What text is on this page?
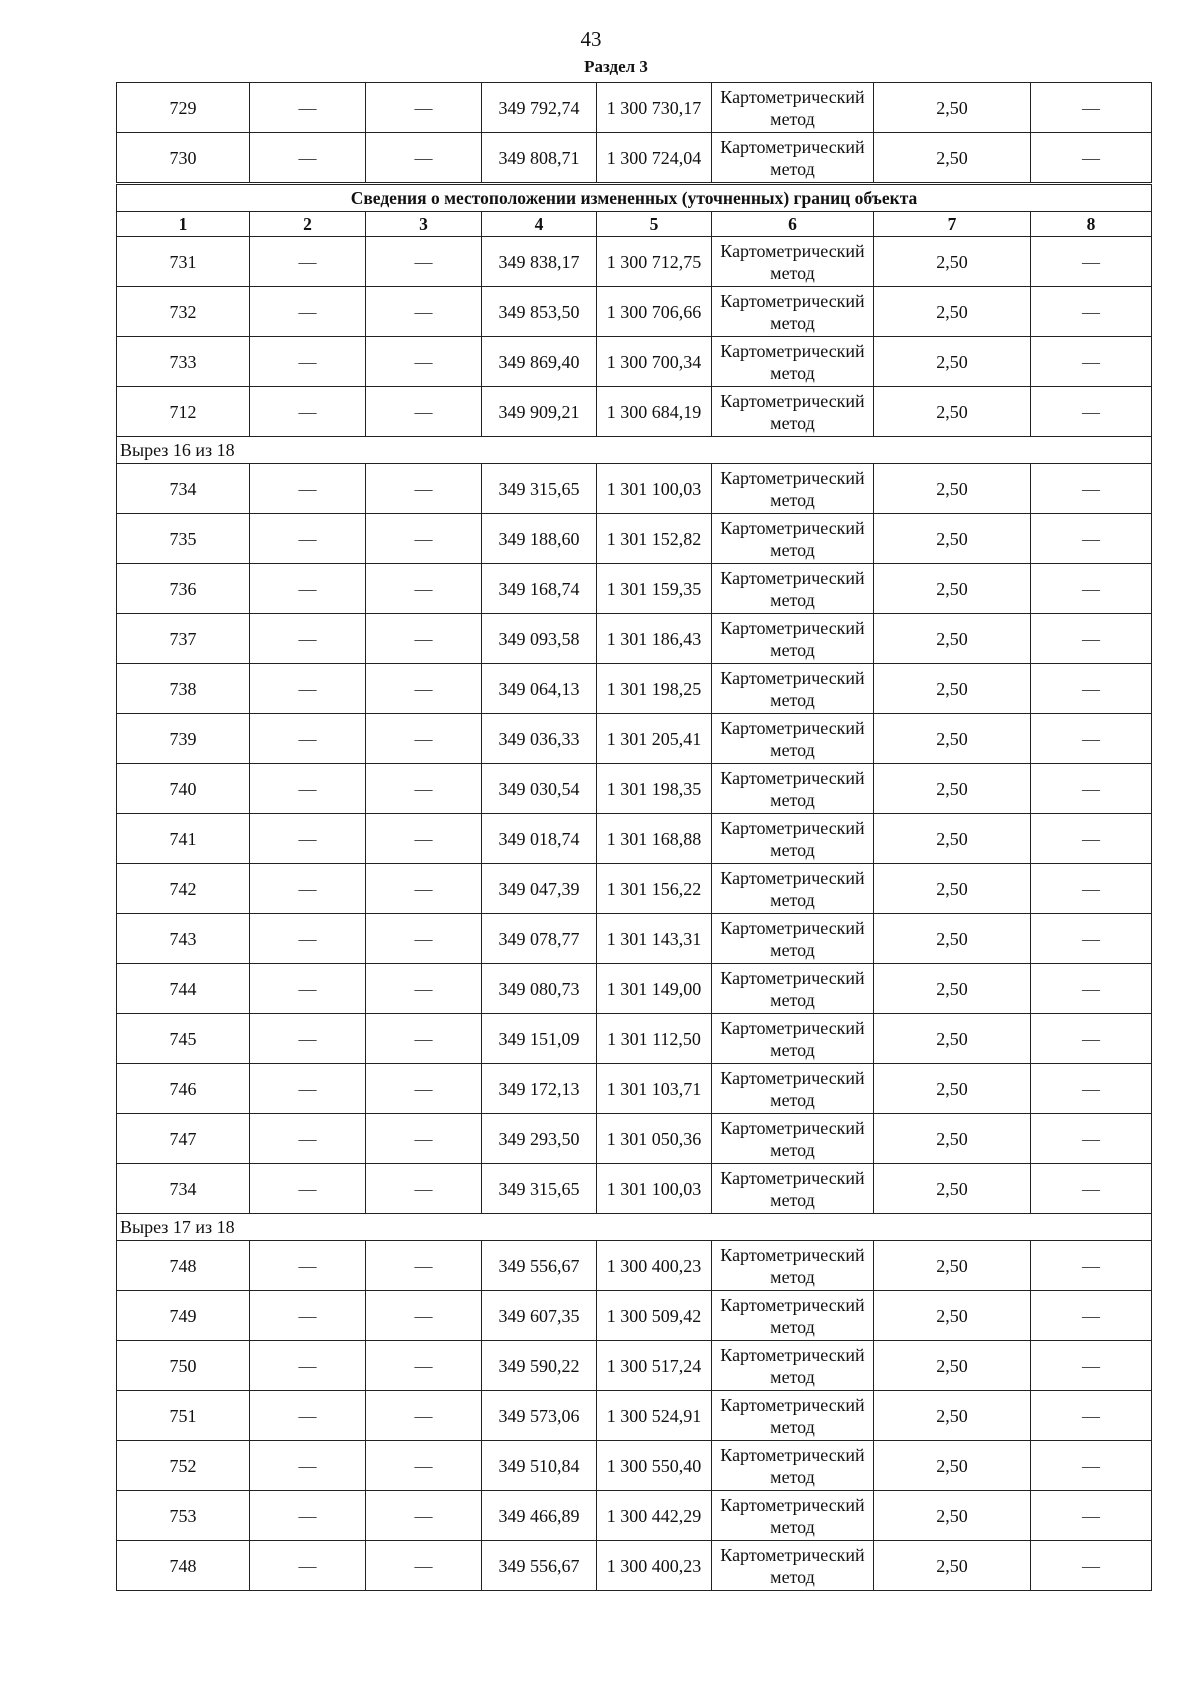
43
Раздел 3
729	—	—	349 792,74	1 300 730,17	Картометрический метод	2,50	—
730	—	—	349 808,71	1 300 724,04	Картометрический метод	2,50	—
Сведения о местоположении измененных (уточненных) границ объекта							
1	2	3	4	5	6	7	8
731	—	—	349 838,17	1 300 712,75	Картометрический метод	2,50	—
732	—	—	349 853,50	1 300 706,66	Картометрический метод	2,50	—
733	—	—	349 869,40	1 300 700,34	Картометрический метод	2,50	—
712	—	—	349 909,21	1 300 684,19	Картометрический метод	2,50	—
Вырез 16 из 18							
734	—	—	349 315,65	1 301 100,03	Картометрический метод	2,50	—
735	—	—	349 188,60	1 301 152,82	Картометрический метод	2,50	—
736	—	—	349 168,74	1 301 159,35	Картометрический метод	2,50	—
737	—	—	349 093,58	1 301 186,43	Картометрический метод	2,50	—
738	—	—	349 064,13	1 301 198,25	Картометрический метод	2,50	—
739	—	—	349 036,33	1 301 205,41	Картометрический метод	2,50	—
740	—	—	349 030,54	1 301 198,35	Картометрический метод	2,50	—
741	—	—	349 018,74	1 301 168,88	Картометрический метод	2,50	—
742	—	—	349 047,39	1 301 156,22	Картометрический метод	2,50	—
743	—	—	349 078,77	1 301 143,31	Картометрический метод	2,50	—
744	—	—	349 080,73	1 301 149,00	Картометрический метод	2,50	—
745	—	—	349 151,09	1 301 112,50	Картометрический метод	2,50	—
746	—	—	349 172,13	1 301 103,71	Картометрический метод	2,50	—
747	—	—	349 293,50	1 301 050,36	Картометрический метод	2,50	—
734	—	—	349 315,65	1 301 100,03	Картометрический метод	2,50	—
Вырез 17 из 18							
748	—	—	349 556,67	1 300 400,23	Картометрический метод	2,50	—
749	—	—	349 607,35	1 300 509,42	Картометрический метод	2,50	—
750	—	—	349 590,22	1 300 517,24	Картометрический метод	2,50	—
751	—	—	349 573,06	1 300 524,91	Картометрический метод	2,50	—
752	—	—	349 510,84	1 300 550,40	Картометрический метод	2,50	—
753	—	—	349 466,89	1 300 442,29	Картометрический метод	2,50	—
748	—	—	349 556,67	1 300 400,23	Картометрический метод	2,50	—
